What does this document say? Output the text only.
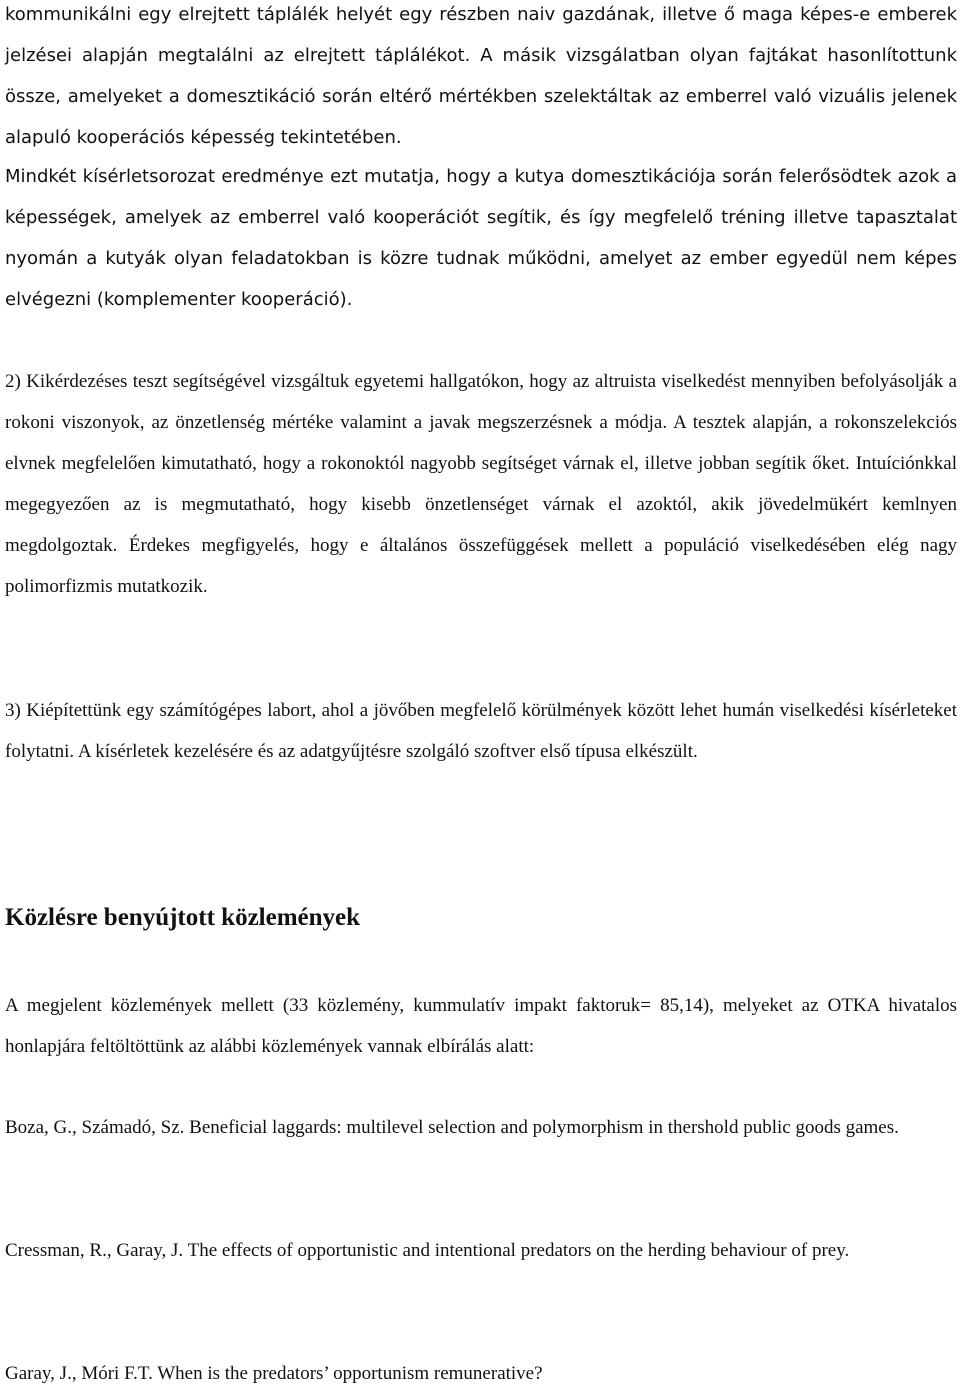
kommunikálni egy elrejtett táplálék helyét egy részben naiv gazdának, illetve ő maga képes-e emberek jelzései alapján megtalálni az elrejtett táplálékot. A másik vizsgálatban olyan fajtákat hasonlítottunk össze, amelyeket a domesztikáció során eltérő mértékben szelektáltak az emberrel való vizuális jelenek alapuló kooperációs képesség tekintetében.

Mindkét kísérletsorozat eredménye ezt mutatja, hogy a kutya domesztikációja során felerősödtek azok a képességek, amelyek az emberrel való kooperációt segítik, és így megfelelő tréning illetve tapasztalat nyomán a kutyák olyan feladatokban is közre tudnak működni, amelyet az ember egyedül nem képes elvégezni (komplementer kooperáció).

2) Kikérdezéses teszt segítségével vizsgáltuk egyetemi hallgatókon, hogy az altruista viselkedést mennyiben befolyásolják a rokoni viszonyok, az önzetlenség mértéke valamint a javak megszerzésnek a módja. A tesztek alapján, a rokonszelekciós elvnek megfelelően kimutatható, hogy a rokonoktól nagyobb segítséget várnak el, illetve jobban segítik őket. Intuíciónkkal megegyezően az is megmutatható, hogy kisebb önzetlenséget várnak el azoktól, akik jövedelmükért kemlnyen megdolgoztak. Érdekes megfigyelés, hogy e általános összefüggések mellett a populáció viselkedésében elég nagy polimorfizmis mutatkozik.

3) Kiépítettünk egy számítógépes labort, ahol a jövőben megfelelő körülmények között lehet humán viselkedési kísérleteket folytatni. A kísérletek kezelésére és az adatgyűjtésre szolgáló szoftver első típusa elkészült.

Közlésre benyújtott közlemények

A megjelent közlemények mellett (33 közlemény, kummulatív impakt faktoruk= 85,14), melyeket az OTKA hivatalos honlapjára feltöltöttünk az alábbi közlemények vannak elbírálás alatt:

Boza, G., Számadó, Sz. Beneficial laggards: multilevel selection and polymorphism in thershold public goods games.

Cressman, R., Garay, J. The effects of opportunistic and intentional predators on the herding behaviour of prey.

Garay, J., Móri F.T. When is the predators’ opportunism remunerative?
